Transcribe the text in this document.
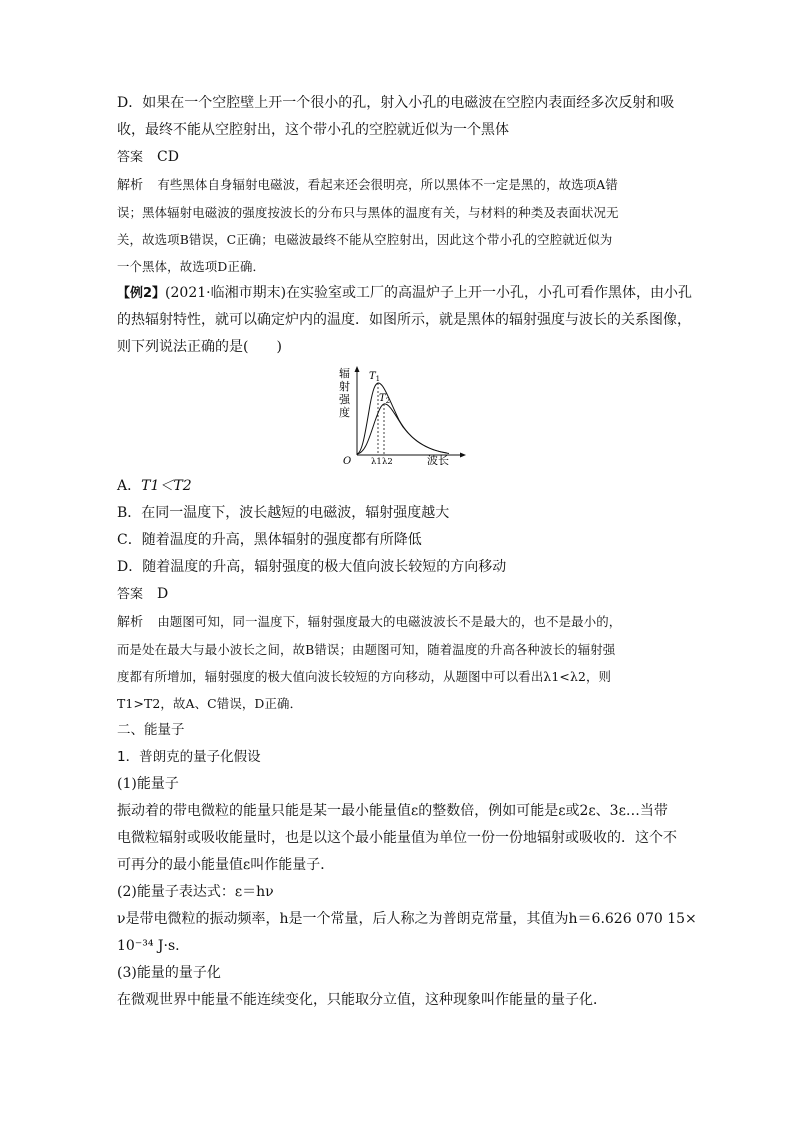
D．如果在一个空腔壁上开一个很小的孔，射入小孔的电磁波在空腔内表面经多次反射和吸

收，最终不能从空腔射出，这个带小孔的空腔就近似为一个黑体

答案 CD

解析 有些黑体自身辐射电磁波，看起来还会很明亮，所以黑体不一定是黑的，故选项A错

误；黑体辐射电磁波的强度按波长的分布只与黑体的温度有关，与材料的种类及表面状况无

关，故选项B错误，C正确；电磁波最终不能从空腔射出，因此这个带小孔的空腔就近似为

一个黑体，故选项D正确．

【例2】(2021·临湘市期末)在实验室或工厂的高温炉子上开一小孔，小孔可看作黑体，由小孔

的热辐射特性，就可以确定炉内的温度．如图所示，就是黑体的辐射强度与波长的关系图像，

则下列说法正确的是(　　)

辐
射
强
度
$T_1$
$T_2$
O λ1 λ2	波长

A．T1＜T2

B．在同一温度下，波长越短的电磁波，辐射强度越大

C．随着温度的升高，黑体辐射的强度都有所降低

D．随着温度的升高，辐射强度的极大值向波长较短的方向移动

答案 D

解析 由题图可知，同一温度下，辐射强度最大的电磁波波长不是最大的，也不是最小的，

而是处在最大与最小波长之间，故B错误；由题图可知，随着温度的升高各种波长的辐射强

度都有所增加，辐射强度的极大值向波长较短的方向移动，从题图中可以看出λ1<λ2，则

T1>T2，故A、C错误，D正确．

二、能量子

1．普朗克的量子化假设

(1)能量子

振动着的带电微粒的能量只能是某一最小能量值ε的整数倍，例如可能是ε或2ε、3ε…当带

电微粒辐射或吸收能量时，也是以这个最小能量值为单位一份一份地辐射或吸收的．这个不

可再分的最小能量值ε叫作能量子．

(2)能量子表达式：ε＝hν

ν是带电微粒的振动频率，h是一个常量，后人称之为普朗克常量，其值为h＝6.626 070 15×

10⁻³⁴ J·s.

(3)能量的量子化

在微观世界中能量不能连续变化，只能取分立值，这种现象叫作能量的量子化．
